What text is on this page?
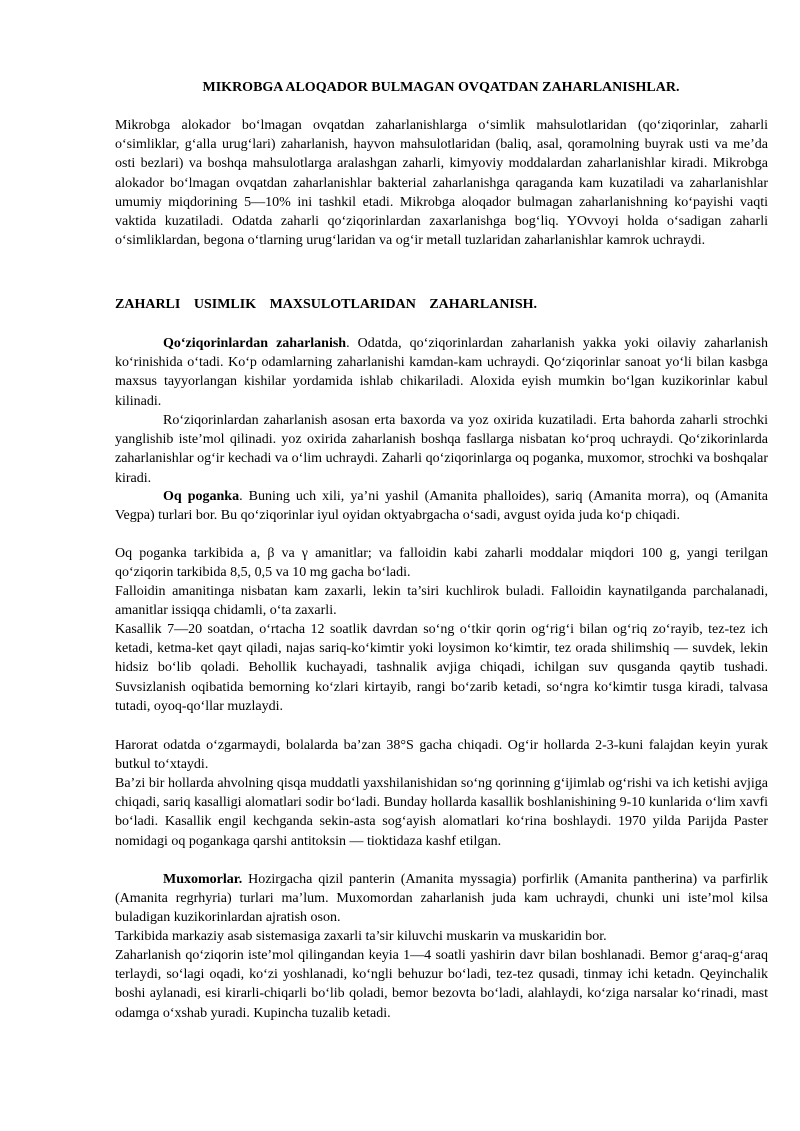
MIKROBGA ALOQADOR BULMAGAN OVQATDAN ZAHARLANISHLAR.
Mikrobga alokador bo‘lmagan ovqatdan zaharlanishlarga o‘simlik mahsulotlaridan (qo‘ziqorinlar, zaharli o‘simliklar, g‘alla urug‘lari) zaharlanish, hayvon mahsulotlaridan (baliq, asal, qoramolning buyrak usti va me’da osti bezlari) va boshqa mahsulotlarga aralashgan zaharli, kimyoviy moddalardan zaharlanishlar kiradi. Mikrobga alokador bo‘lmagan ovqatdan zaharlanishlar bakterial zaharlanishga qaraganda kam kuzatiladi va zaharlanishlar umumiy miqdorining 5—10% ini tashkil etadi. Mikrobga aloqador bulmagan zaharlanishning ko‘payishi vaqti vaktida kuzatiladi. Odatda zaharli qo‘ziqorinlardan zaxarlanishga bog‘liq. YOvvoyi holda o‘sadigan zaharli o‘simliklardan, begona o‘tlarning urug‘laridan va og‘ir metall tuzlaridan zaharlanishlar kamrok uchraydi.
ZAHARLI USIMLIK MAXSULOTLARIDAN ZAHARLANISH.
Qo‘ziqorinlardan zaharlanish. Odatda, qo‘ziqorinlardan zaharlanish yakka yoki oilaviy zaharlanish ko‘rinishida o‘tadi. Ko‘p odamlarning zaharlanishi kamdan-kam uchraydi. Qo‘ziqorinlar sanoat yo‘li bilan kasbga maxsus tayyorlangan kishilar yordamida ishlab chikariladi. Aloxida eyish mumkin bo‘lgan kuzikorinlar kabul kilinadi.
Ro‘ziqorinlardan zaharlanish asosan erta baxorda va yoz oxirida kuzatiladi. Erta bahorda zaharli strochki yanglishib iste’mol qilinadi. yoz oxirida zaharlanish boshqa fasllarga nisbatan ko‘proq uchraydi. Qo‘zikorinlarda zaharlanishlar og‘ir kechadi va o‘lim uchraydi. Zaharli qo‘ziqorinlarga oq poganka, muxomor, strochki va boshqalar kiradi.
Oq poganka. Buning uch xili, ya’ni yashil (Amanita phalloides), sariq (Amanita morra), oq (Amanita Vegpa) turlari bor. Bu qo‘ziqorinlar iyul oyidan oktyabrgacha o‘sadi, avgust oyida juda ko‘p chiqadi.
Oq poganka tarkibida a, β va γ amanitlar; va falloidin kabi zaharli moddalar miqdori 100 g, yangi terilgan qo‘ziqorin tarkibida 8,5, 0,5 va 10 mg gacha bo‘ladi.
Falloidin amanitinga nisbatan kam zaxarli, lekin ta’siri kuchlirok buladi. Falloidin kaynatilganda parchalanadi, amanitlar issiqqa chidamli, o‘ta zaxarli.
Kasallik 7—20 soatdan, o‘rtacha 12 soatlik davrdan so‘ng o‘tkir qorin og‘rig‘i bilan og‘riq zo‘rayib, tez-tez ich ketadi, ketma-ket qayt qiladi, najas sariq-ko‘kimtir yoki loysimon ko‘kimtir, tez orada shilimshiq — suvdek, lekin hidsiz bo‘lib qoladi. Behollik kuchayadi, tashnalik avjiga chiqadi, ichilgan suv qusganda qaytib tushadi. Suvsizlanish oqibatida bemorning ko‘zlari kirtayib, rangi bo‘zarib ketadi, so‘ngra ko‘kimtir tusga kiradi, talvasa tutadi, oyoq-qo‘llar muzlaydi.
Harorat odatda o‘zgarmaydi, bolalarda ba’zan 38°S gacha chiqadi. Og‘ir hollarda 2-3-kuni falajdan keyin yurak butkul to‘xtaydi.
Ba’zi bir hollarda ahvolning qisqa muddatli yaxshilanishidan so‘ng qorinning g‘ijimlab og‘rishi va ich ketishi avjiga chiqadi, sariq kasalligi alomatlari sodir bo‘ladi. Bunday hollarda kasallik boshlanishining 9-10 kunlarida o‘lim xavfi bo‘ladi. Kasallik engil kechganda sekin-asta sog‘ayish alomatlari ko‘rina boshlaydi. 1970 yilda Parijda Paster nomidagi oq pogankaga qarshi antitoksin — tioktidaza kashf etilgan.
Muxomorlar. Hozirgacha qizil panterin (Amanita myssagia) porfirlik (Amanita pantherina) va parfirlik (Amanita regrhyria) turlari ma’lum. Muxomordan zaharlanish juda kam uchraydi, chunki uni iste’mol kilsa buladigan kuzikorinlardan ajratish oson.
Tarkibida markaziy asab sistemasiga zaxarli ta’sir kiluvchi muskarin va muskaridin bor.
Zaharlanish qo‘ziqorin iste’mol qilingandan keyia 1—4 soatli yashirin davr bilan boshlanadi. Bemor g‘araq-g‘araq terlaydi, so‘lagi oqadi, ko‘zi yoshlanadi, ko‘ngli behuzur bo‘ladi, tez-tez qusadi, tinmay ichi ketadn. Qeyinchalik boshi aylanadi, esi kirarli-chiqarli bo‘lib qoladi, bemor bezovta bo‘ladi, alahlaydi, ko‘ziga narsalar ko‘rinadi, mast odamga o‘xshab yuradi. Kupincha tuzalib ketadi.
